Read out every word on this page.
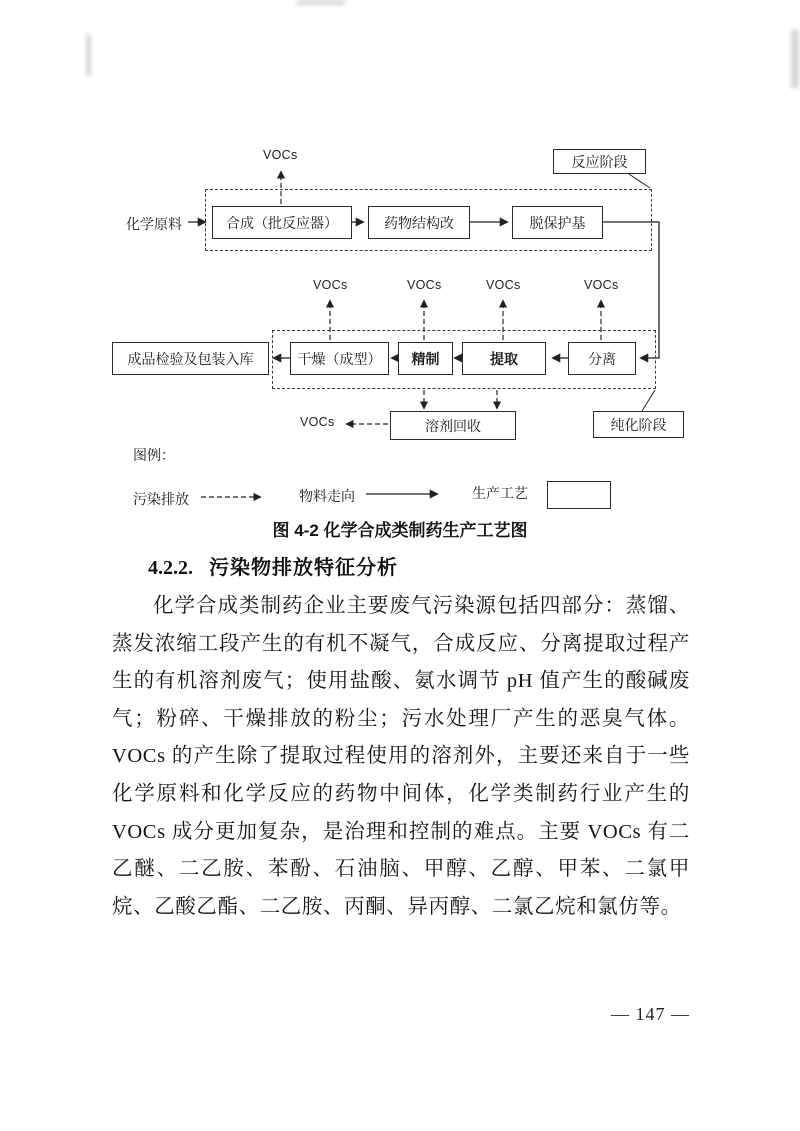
VOCs
VOCs	VOCs	VOCs	VOCs
VOCs
反应阶段
纯化阶段
化学原料	合成（批反应器）	药物结构改	脱保护基
成品检验及包装入库	干燥（成型）	精制	提取	分离
溶剂回收
图例：
污染排放	物料走向	生产工艺
图 4-2 化学合成类制药生产工艺图
4.2.2. 污染物排放特征分析
化学合成类制药企业主要废气污染源包括四部分：蒸馏、蒸发浓缩工段产生的有机不凝气，合成反应、分离提取过程产生的有机溶剂废气；使用盐酸、氨水调节 pH 值产生的酸碱废气；粉碎、干燥排放的粉尘；污水处理厂产生的恶臭气体。VOCs 的产生除了提取过程使用的溶剂外，主要还来自于一些化学原料和化学反应的药物中间体，化学类制药行业产生的 VOCs 成分更加复杂，是治理和控制的难点。主要 VOCs 有二乙醚、二乙胺、苯酚、石油脑、甲醇、乙醇、甲苯、二氯甲烷、乙酸乙酯、二乙胺、丙酮、异丙醇、二氯乙烷和氯仿等。
— 147 —
